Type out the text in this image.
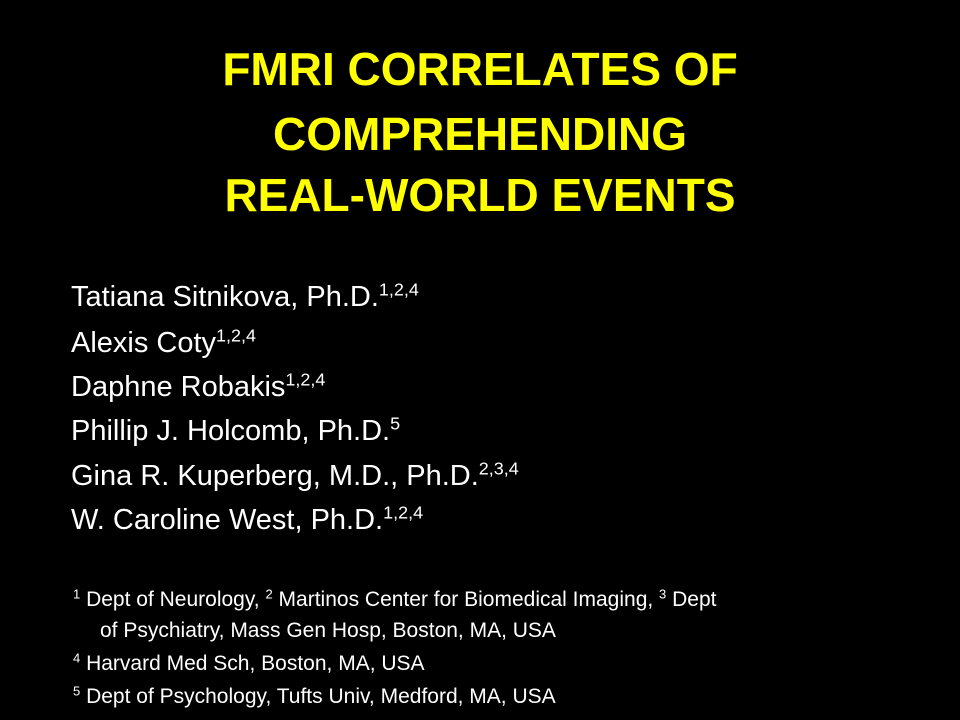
FMRI CORRELATES OF
COMPREHENDING
REAL-WORLD EVENTS
Tatiana Sitnikova, Ph.D.$^{1,2,4}$
Alexis Coty$^{1,2,4}$
Daphne Robakis$^{1,2,4}$
Phillip J. Holcomb, Ph.D.$^5$
Gina R. Kuperberg, M.D., Ph.D.$^{2,3,4}$
W. Caroline West, Ph.D.$^{1,2,4}$
$^1$ Dept of Neurology, $^2$ Martinos Center for Biomedical Imaging, $^3$ Dept
of Psychiatry, Mass Gen Hosp, Boston, MA, USA
$^4$ Harvard Med Sch, Boston, MA, USA
$^5$ Dept of Psychology, Tufts Univ, Medford, MA, USA
